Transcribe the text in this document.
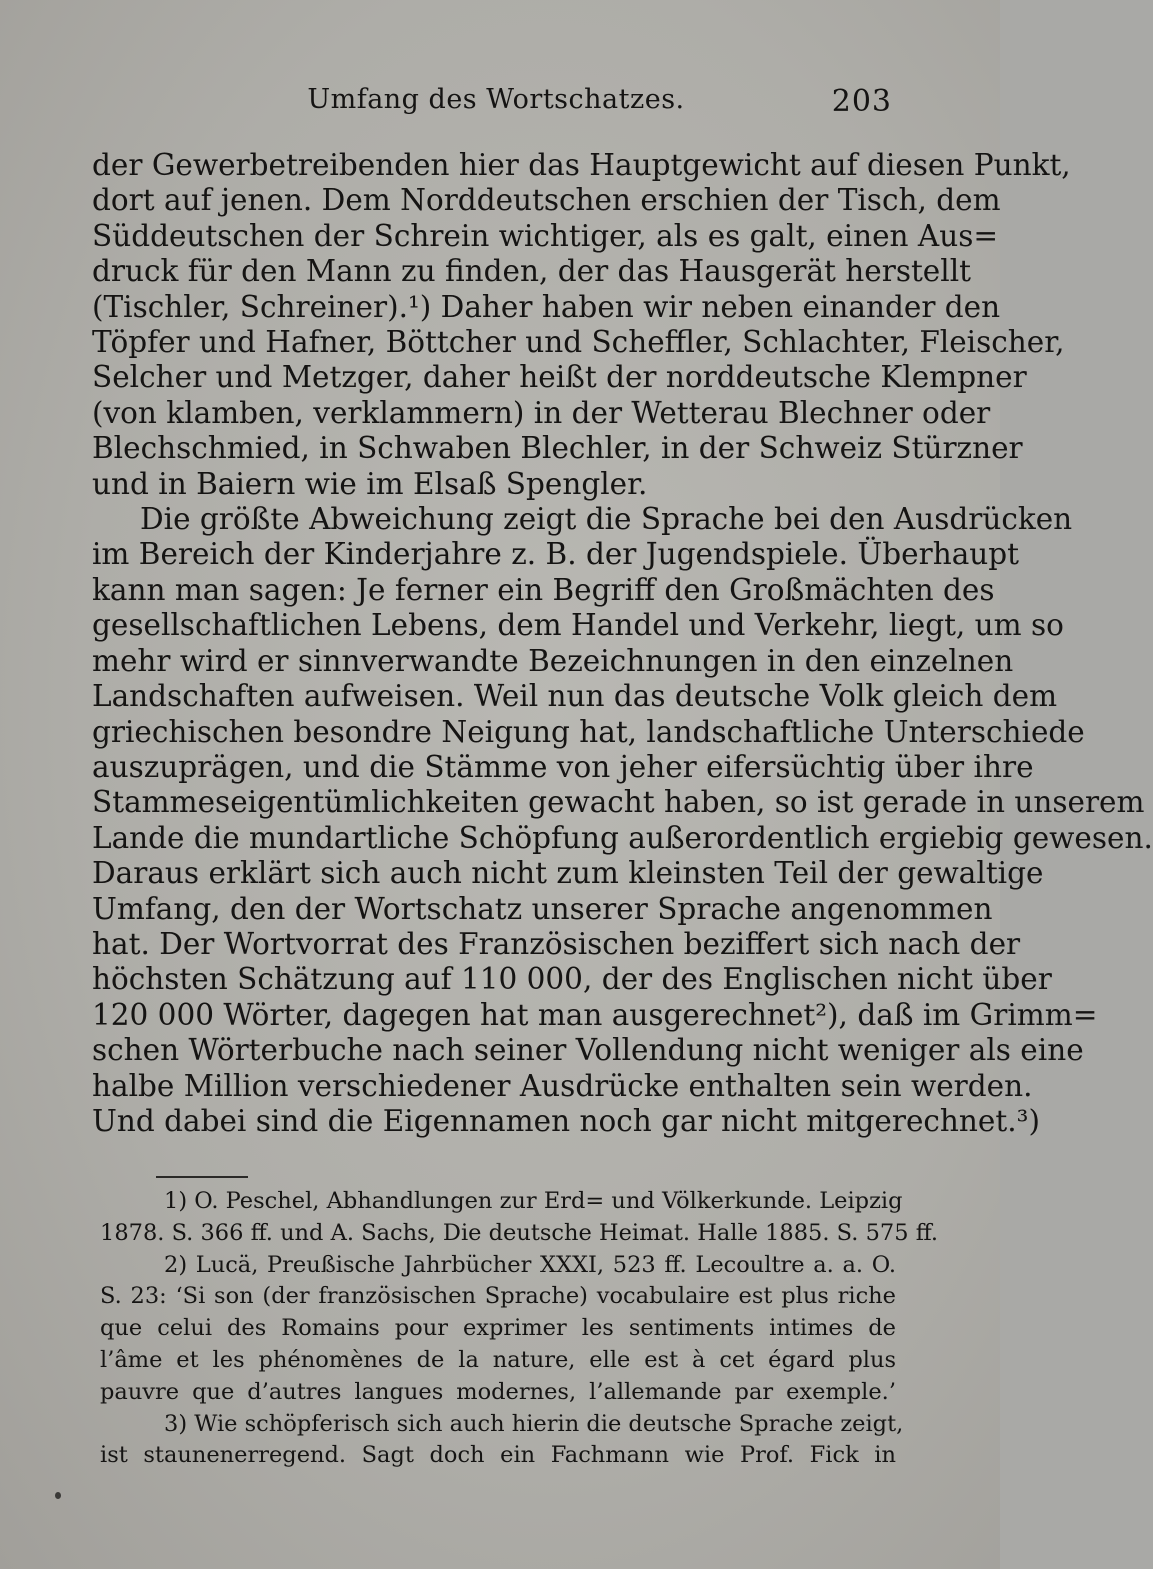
Umfang des Wortschatzes.	203
der Gewerbetreibenden hier das Hauptgewicht auf diesen Punkt,
dort auf jenen. Dem Norddeutschen erschien der Tisch, dem
Süddeutschen der Schrein wichtiger, als es galt, einen Aus=
druck für den Mann zu finden, der das Hausgerät herstellt
(Tischler, Schreiner).¹) Daher haben wir neben einander den
Töpfer und Hafner, Böttcher und Scheffler, Schlachter, Fleischer,
Selcher und Metzger, daher heißt der norddeutsche Klempner
(von klamben, verklammern) in der Wetterau Blechner oder
Blechschmied, in Schwaben Blechler, in der Schweiz Stürzner
und in Baiern wie im Elsaß Spengler.
Die größte Abweichung zeigt die Sprache bei den Ausdrücken
im Bereich der Kinderjahre z. B. der Jugendspiele. Überhaupt
kann man sagen: Je ferner ein Begriff den Großmächten des
gesellschaftlichen Lebens, dem Handel und Verkehr, liegt, um so
mehr wird er sinnverwandte Bezeichnungen in den einzelnen
Landschaften aufweisen. Weil nun das deutsche Volk gleich dem
griechischen besondre Neigung hat, landschaftliche Unterschiede
auszuprägen, und die Stämme von jeher eifersüchtig über ihre
Stammeseigentümlichkeiten gewacht haben, so ist gerade in unserem
Lande die mundartliche Schöpfung außerordentlich ergiebig gewesen.
Daraus erklärt sich auch nicht zum kleinsten Teil der gewaltige
Umfang, den der Wortschatz unserer Sprache angenommen
hat. Der Wortvorrat des Französischen beziffert sich nach der
höchsten Schätzung auf 110 000, der des Englischen nicht über
120 000 Wörter, dagegen hat man ausgerechnet²), daß im Grimm=
schen Wörterbuche nach seiner Vollendung nicht weniger als eine
halbe Million verschiedener Ausdrücke enthalten sein werden.
Und dabei sind die Eigennamen noch gar nicht mitgerechnet.³)
1) O. Peschel, Abhandlungen zur Erd= und Völkerkunde. Leipzig
1878. S. 366 ff. und A. Sachs, Die deutsche Heimat. Halle 1885. S. 575 ff.
2) Lucä, Preußische Jahrbücher XXXI, 523 ff. Lecoultre a. a. O.
S. 23: ‘Si son (der französischen Sprache) vocabulaire est plus riche
que celui des Romains pour exprimer les sentiments intimes de
l’âme et les phénomènes de la nature, elle est à cet égard plus
pauvre que d’autres langues modernes, l’allemande par exemple.’
3) Wie schöpferisch sich auch hierin die deutsche Sprache zeigt,
ist staunenerregend. Sagt doch ein Fachmann wie Prof. Fick in
